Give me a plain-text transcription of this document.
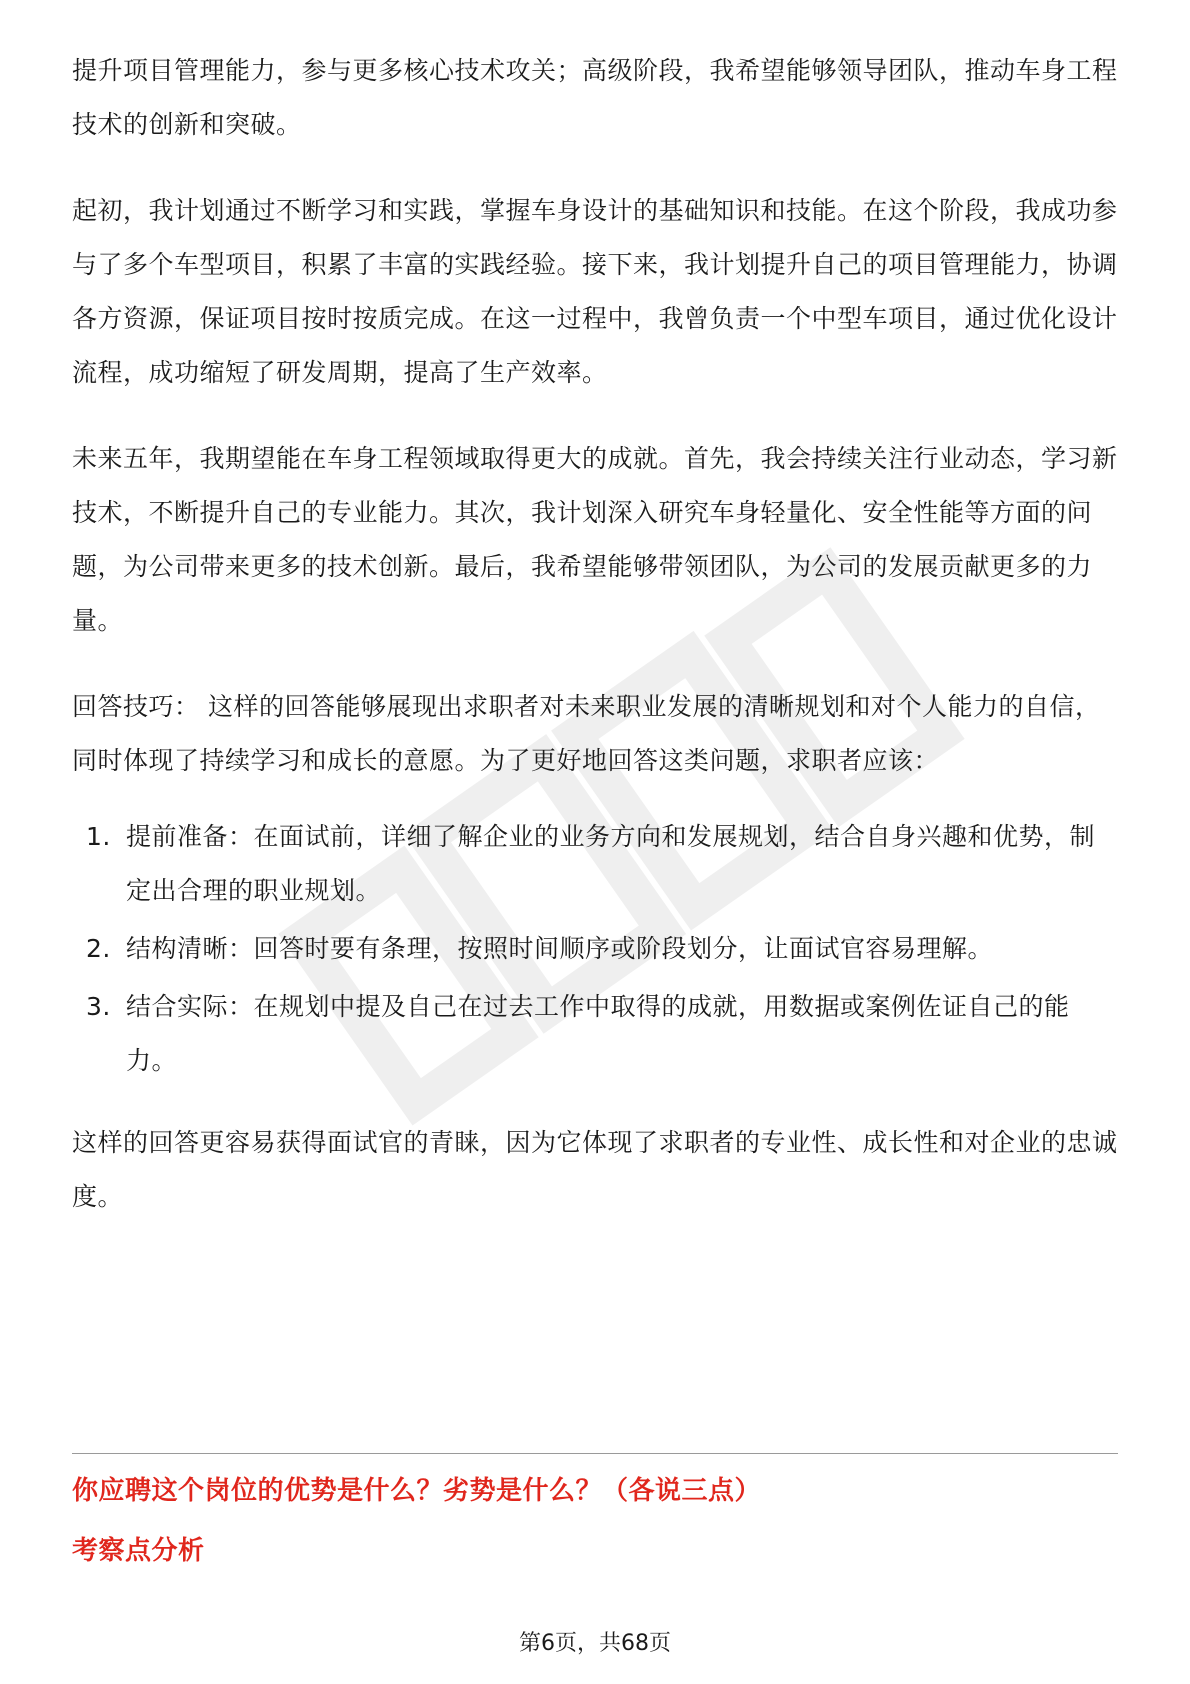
提升项目管理能力，参与更多核心技术攻关；高级阶段，我希望能够领导团队，推动车身工程技术的创新和突破。

起初，我计划通过不断学习和实践，掌握车身设计的基础知识和技能。在这个阶段，我成功参与了多个车型项目，积累了丰富的实践经验。接下来，我计划提升自己的项目管理能力，协调各方资源，保证项目按时按质完成。在这一过程中，我曾负责一个中型车项目，通过优化设计流程，成功缩短了研发周期，提高了生产效率。

未来五年，我期望能在车身工程领域取得更大的成就。首先，我会持续关注行业动态，学习新技术，不断提升自己的专业能力。其次，我计划深入研究车身轻量化、安全性能等方面的问题，为公司带来更多的技术创新。最后，我希望能够带领团队，为公司的发展贡献更多的力量。

回答技巧： 这样的回答能够展现出求职者对未来职业发展的清晰规划和对个人能力的自信，同时体现了持续学习和成长的意愿。为了更好地回答这类问题，求职者应该：

1. 提前准备：在面试前，详细了解企业的业务方向和发展规划，结合自身兴趣和优势，制定出合理的职业规划。
2. 结构清晰：回答时要有条理，按照时间顺序或阶段划分，让面试官容易理解。
3. 结合实际：在规划中提及自己在过去工作中取得的成就，用数据或案例佐证自己的能力。

这样的回答更容易获得面试官的青睐，因为它体现了求职者的专业性、成长性和对企业的忠诚度。

你应聘这个岗位的优势是什么？劣势是什么？（各说三点）
考察点分析
第6页，共68页
